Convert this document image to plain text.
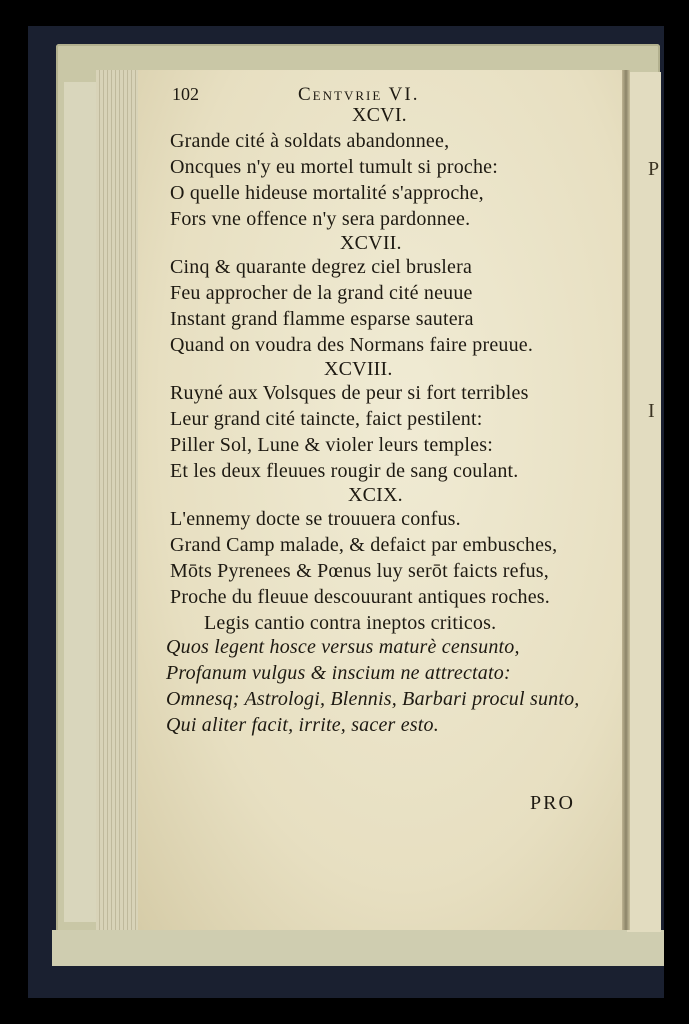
P
I
102	Centvrie VI.
XCVI.
Grande cité à soldats abandonnee,
Oncques n'y eu mortel tumult si proche:
O quelle hideuse mortalité s'approche,
Fors vne offence n'y sera pardonnee.
XCVII.
Cinq & quarante degrez ciel bruslera
Feu approcher de la grand cité neuue
Instant grand flamme esparse sautera
Quand on voudra des Normans faire preuue.
XCVIII.
Ruyné aux Volsques de peur si fort terribles
Leur grand cité taincte, faict pestilent:
Piller Sol, Lune & violer leurs temples:
Et les deux fleuues rougir de sang coulant.
XCIX.
L'ennemy docte se trouuera confus.
Grand Camp malade, & defaict par embusches,
Mōts Pyrenees & Pœnus luy serōt faicts refus,
Proche du fleuue descouurant antiques roches.
Legis cantio contra ineptos criticos.
Quos legent hosce versus maturè censunto,
Profanum vulgus & inscium ne attrectato:
Omnesq; Astrologi, Blennis, Barbari procul sunto,
Qui aliter facit, irrite, sacer esto.
PRO
